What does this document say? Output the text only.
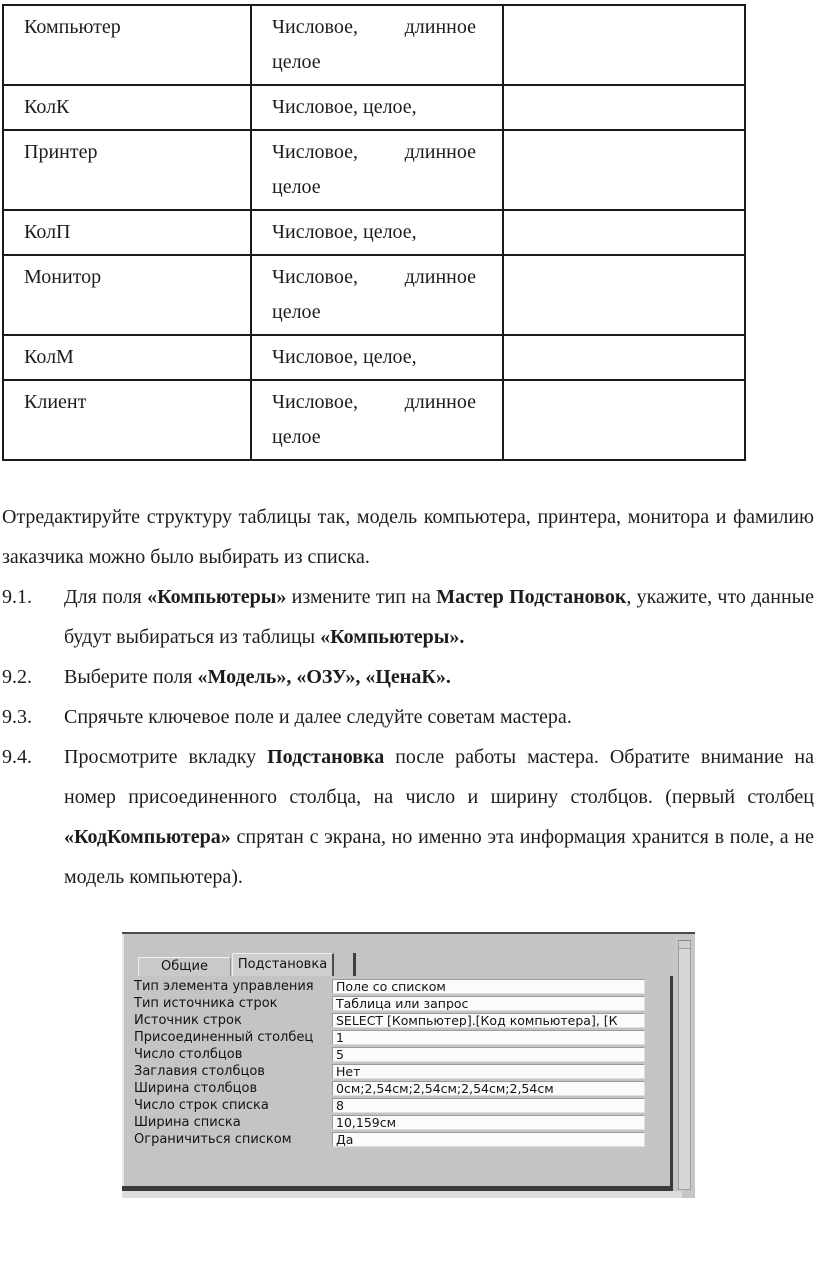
Компьютер	Числовое, длинное целое	
КолК	Числовое, целое,	
Принтер	Числовое, длинное целое	
КолП	Числовое, целое,	
Монитор	Числовое, длинное целое	
КолМ	Числовое, целое,	
Клиент	Числовое, длинное целое	

Отредактируйте структуру таблицы так, модель компьютера, принтера, монитора и фамилию заказчика можно было выбирать из списка.

9.1. Для поля «Компьютеры» измените тип на Мастер Подстановок, укажите, что данные будут выбираться из таблицы «Компьютеры».
9.2. Выберите поля «Модель», «ОЗУ», «ЦенаК».
9.3. Спрячьте ключевое поле и далее следуйте советам мастера.
9.4. Просмотрите вкладку Подстановка после работы мастера. Обратите внимание на номер присоединенного столбца, на число и ширину столбцов. (первый столбец «КодКомпьютера» спрятан с экрана, но именно эта информация хранится в поле, а не модель компьютера).
Общие	Подстановка
Тип элемента управления	Поле со списком
Тип источника строк	Таблица или запрос
Источник строк	SELECT [Компьютер].[Код компьютера], [К
Присоединенный столбец	1
Число столбцов	5
Заглавия столбцов	Нет
Ширина столбцов	0см;2,54см;2,54см;2,54см;2,54см
Число строк списка	8
Ширина списка	10,159см
Ограничиться списком	Да
